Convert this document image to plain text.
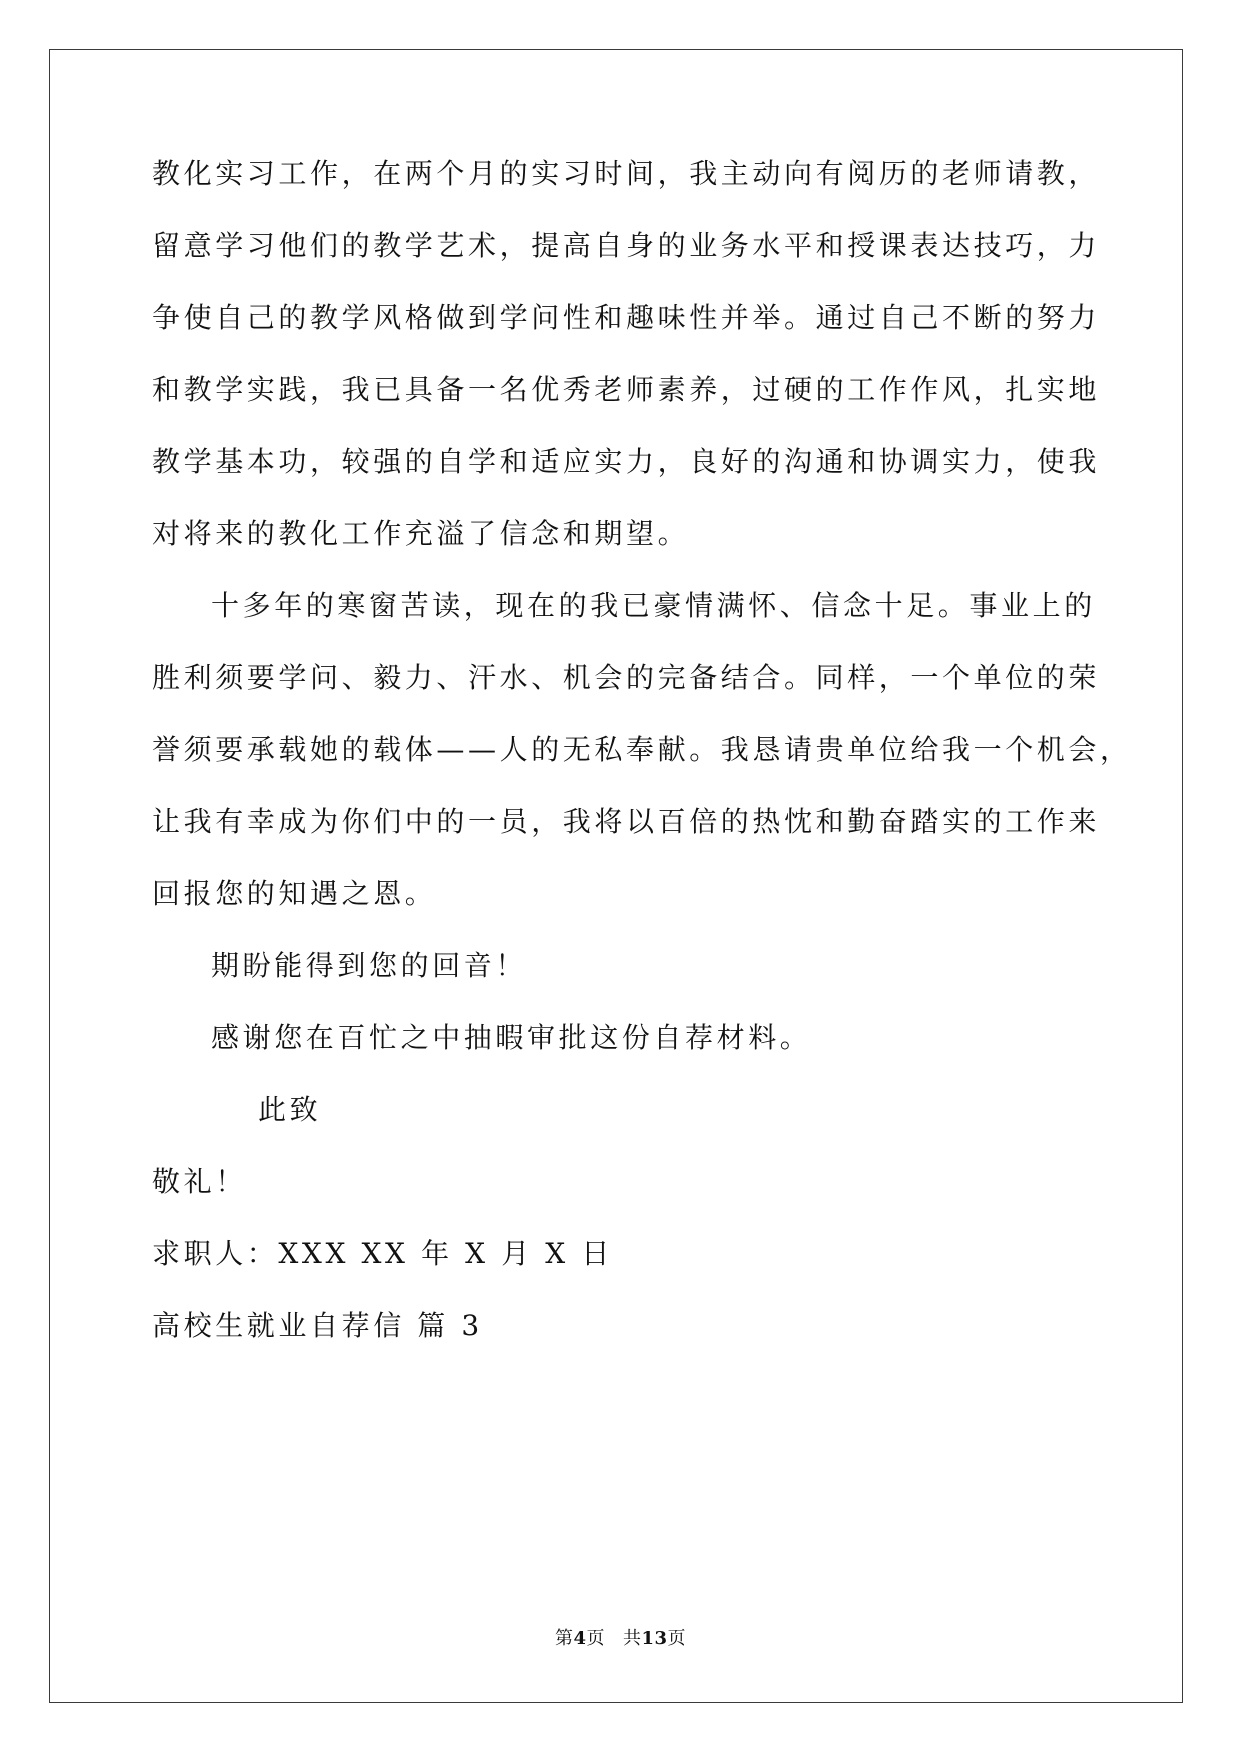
教化实习工作，在两个月的实习时间，我主动向有阅历的老师请教，

留意学习他们的教学艺术，提高自身的业务水平和授课表达技巧，力

争使自己的教学风格做到学问性和趣味性并举。通过自己不断的努力

和教学实践，我已具备一名优秀老师素养，过硬的工作作风，扎实地

教学基本功，较强的自学和适应实力，良好的沟通和协调实力，使我

对将来的教化工作充溢了信念和期望。

十多年的寒窗苦读，现在的我已豪情满怀、信念十足。事业上的

胜利须要学问、毅力、汗水、机会的完备结合。同样，一个单位的荣

誉须要承载她的载体——人的无私奉献。我恳请贵单位给我一个机会，

让我有幸成为你们中的一员，我将以百倍的热忱和勤奋踏实的工作来

回报您的知遇之恩。

期盼能得到您的回音！

感谢您在百忙之中抽暇审批这份自荐材料。

此致

敬礼！

求职人：XXX XX 年 X 月 X 日

高校生就业自荐信 篇 3

第4页 共13页
